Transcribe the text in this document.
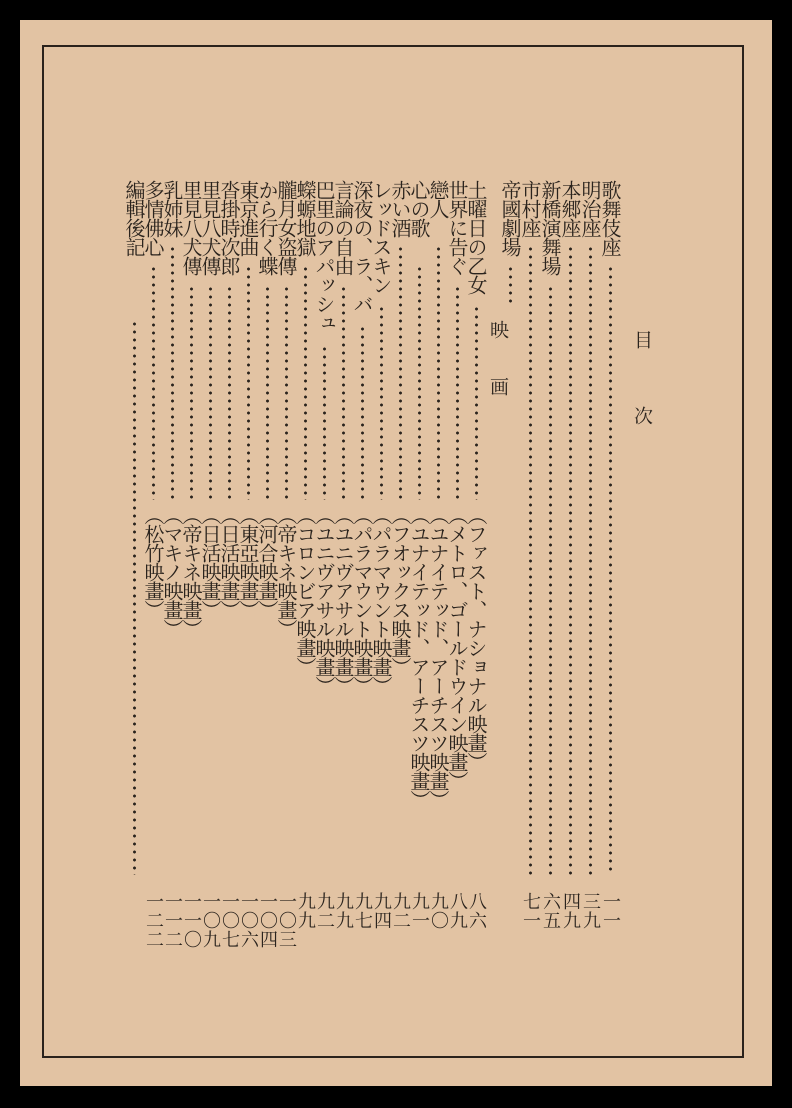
目　　　次
映　　画
歌舞伎座
一一
明治座
三九
本郷座
四九
新橋演舞場
六五
市村座
七一
帝國劇場
土曜日の乙女
（ファスト、ナショナル映畫）
八六
世界に告ぐ
（メトロ、ゴールドウイン映畫）
八九
戀人
（ユナイテッド、アーチスツ映畫）
九〇
心の歌
（ユナイテッド、アーチスツ映畫）
九一
赤い酒
（フオックス映畫）
九二
レッドスキン
（パラマウント映畫）
九四
深夜の、ラ、バ
（パラマウント映畫）
九七
言論の自由
（ユニヴアサル映畫）
九九
巴里のアパッシュ
（ユニヴアサル映畫）
九二
蠑螈地獄
（コロンビア映畫）
九九
朧月女盗傳
（帝キネ映畫）
一〇三
から行く蝶
（河合映畫）
一〇四
東京進曲
（東亞映畫）
一〇六
沓掛時次郎
（日活映畫）
一〇七
里見八犬傳
（日活映畫）
一〇九
里見八犬傳
（帝キネ映畫）
一一〇
乳姉妹
（マキノ映畫）
一一二
多情佛心
（松竹映畫）
一二二
編輯後記
